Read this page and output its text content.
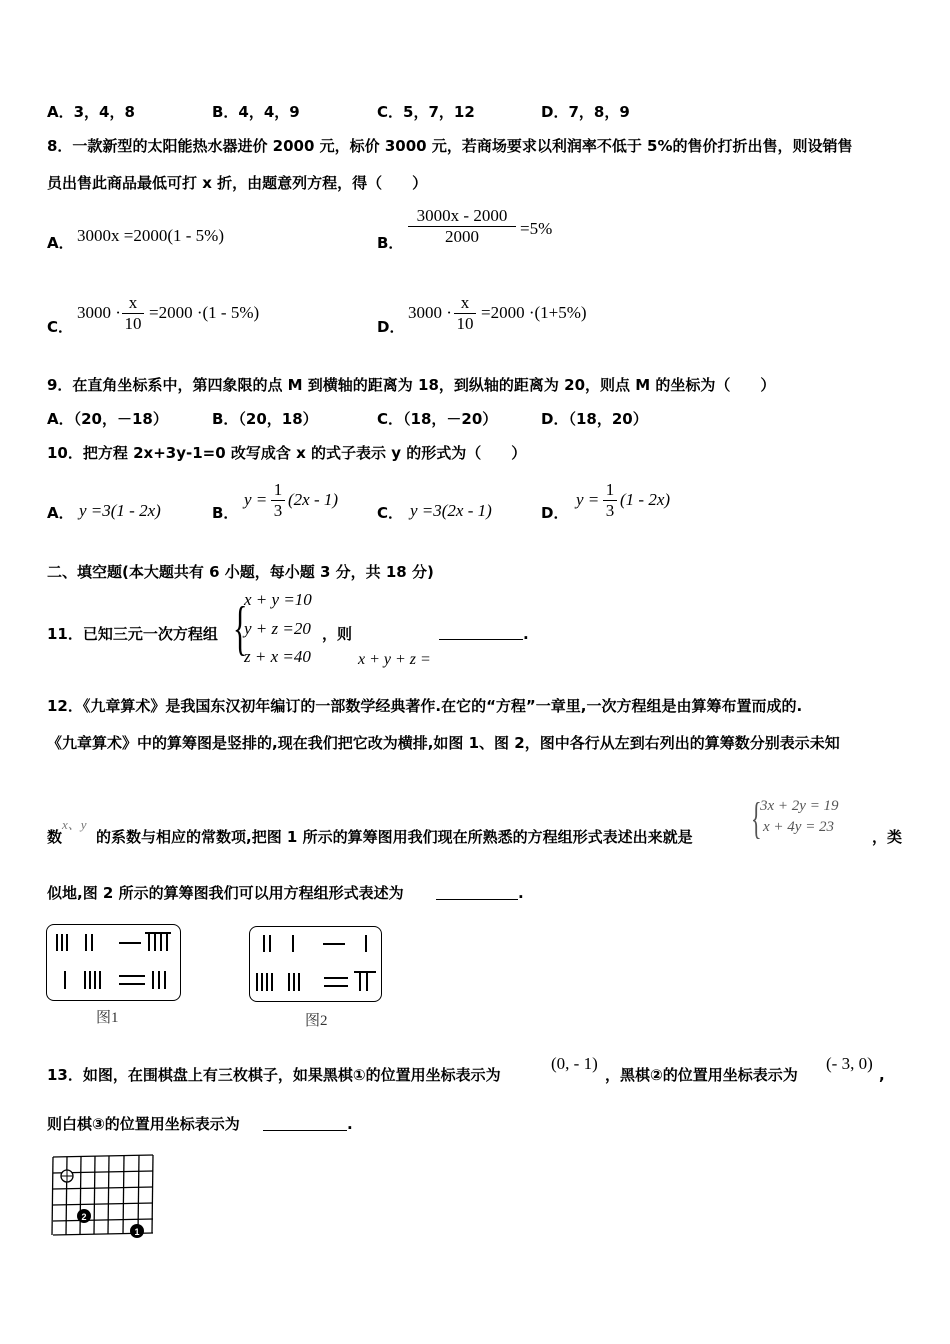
A．3，4，8	B．4，4，9	C．5，7，12	D．7，8，9
8．一款新型的太阳能热水器进价 2000 元，标价 3000 元，若商场要求以利润率不低于 5%的售价打折出售，则设销售
员出售此商品最低可打 x 折，由题意列方程，得（　　）
A． 3000x =2000(1 - 5%)	B． $\frac{3000x - 2000}{2000} =5\%$
C．
$3000 \cdot \frac{x}{10} =2000 \cdot(1 - 5\%)$
D．
$3000 \cdot \frac{x}{10} =2000 \cdot(1+5\%)$
9．在直角坐标系中，第四象限的点 M 到横轴的距离为 18，到纵轴的距离为 20，则点 M 的坐标为（　　）
A．（20，－18）	B．（20，18）	C．（18，－20）	D．（18，20）
10．把方程 2x+3y-1=0 改写成含 x 的式子表示 y 的形式为（　　）
A． y =3(1 - 2x)	B．
$y = \frac{1}{3} (2x - 1)$
C． y =3(2x - 1)	D．
$y = \frac{1}{3} (1 - 2x)$
二、填空题(本大题共有 6 小题，每小题 3 分，共 18 分)
11．已知三元一次方程组 {
x + y =10
y + z =20
z + x =40
，则	.
x + y + z =
12．《九章算术》是我国东汉初年编订的一部数学经典著作.在它的“方程”一章里,一次方程组是由算筹布置而成的.
《九章算术》中的算筹图是竖排的,现在我们把它改为横排,如图 1、图 2，图中各行从左到右列出的算筹数分别表示未知
数
x、y
的系数与相应的常数项,把图 1 所示的算筹图用我们现在所熟悉的方程组形式表述出来就是 {
3x + 2y = 19
x + 4y = 23
，类
似地,图 2 所示的算筹图我们可以用方程组形式表述为	.
图1	图2
13．如图，在围棋盘上有三枚棋子，如果黑棋①的位置用坐标表示为
(0, - 1)
，黑棋②的位置用坐标表示为
(- 3, 0)
,
则白棋③的位置用坐标表示为	.
2
1
